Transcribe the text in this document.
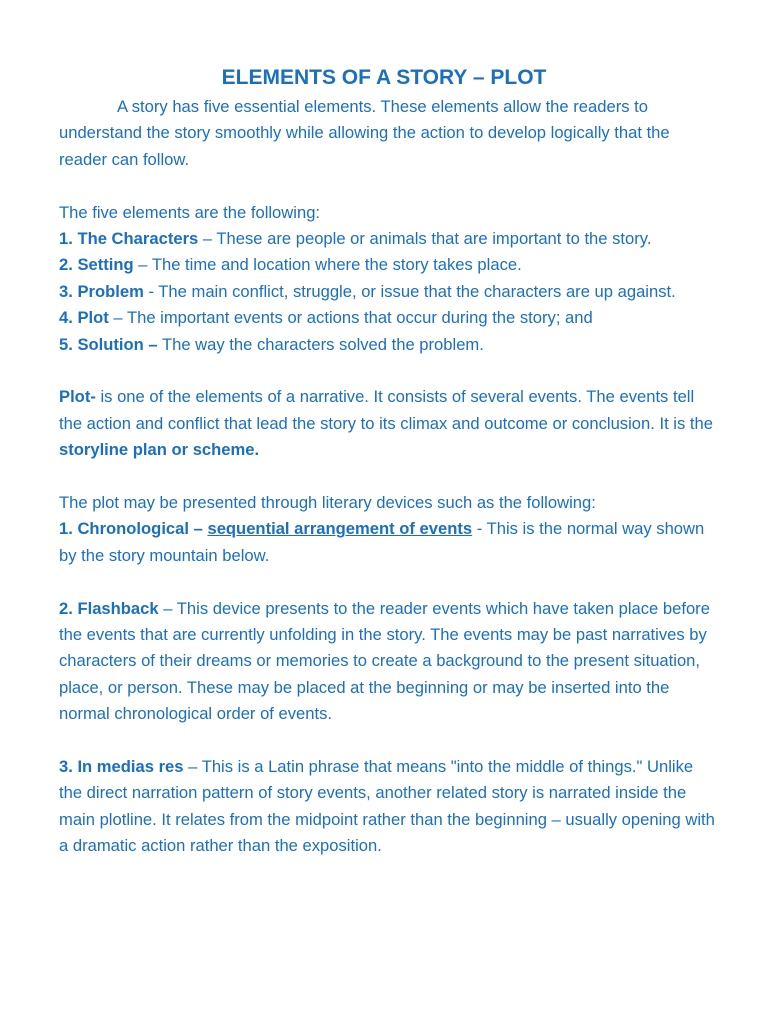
ELEMENTS OF A STORY – PLOT

A story has five essential elements. These elements allow the readers to understand the story smoothly while allowing the action to develop logically that the reader can follow.

The five elements are the following:

1. The Characters – These are people or animals that are important to the story.

2. Setting – The time and location where the story takes place.

3. Problem - The main conflict, struggle, or issue that the characters are up against.

4. Plot – The important events or actions that occur during the story; and

5. Solution – The way the characters solved the problem.

Plot- is one of the elements of a narrative. It consists of several events. The events tell the action and conflict that lead the story to its climax and outcome or conclusion. It is the storyline plan or scheme.

The plot may be presented through literary devices such as the following:

1. Chronological – sequential arrangement of events - This is the normal way shown by the story mountain below.

2. Flashback – This device presents to the reader events which have taken place before the events that are currently unfolding in the story. The events may be past narratives by characters of their dreams or memories to create a background to the present situation, place, or person. These may be placed at the beginning or may be inserted into the normal chronological order of events.

3. In medias res – This is a Latin phrase that means "into the middle of things." Unlike the direct narration pattern of story events, another related story is narrated inside the main plotline. It relates from the midpoint rather than the beginning – usually opening with a dramatic action rather than the exposition.
